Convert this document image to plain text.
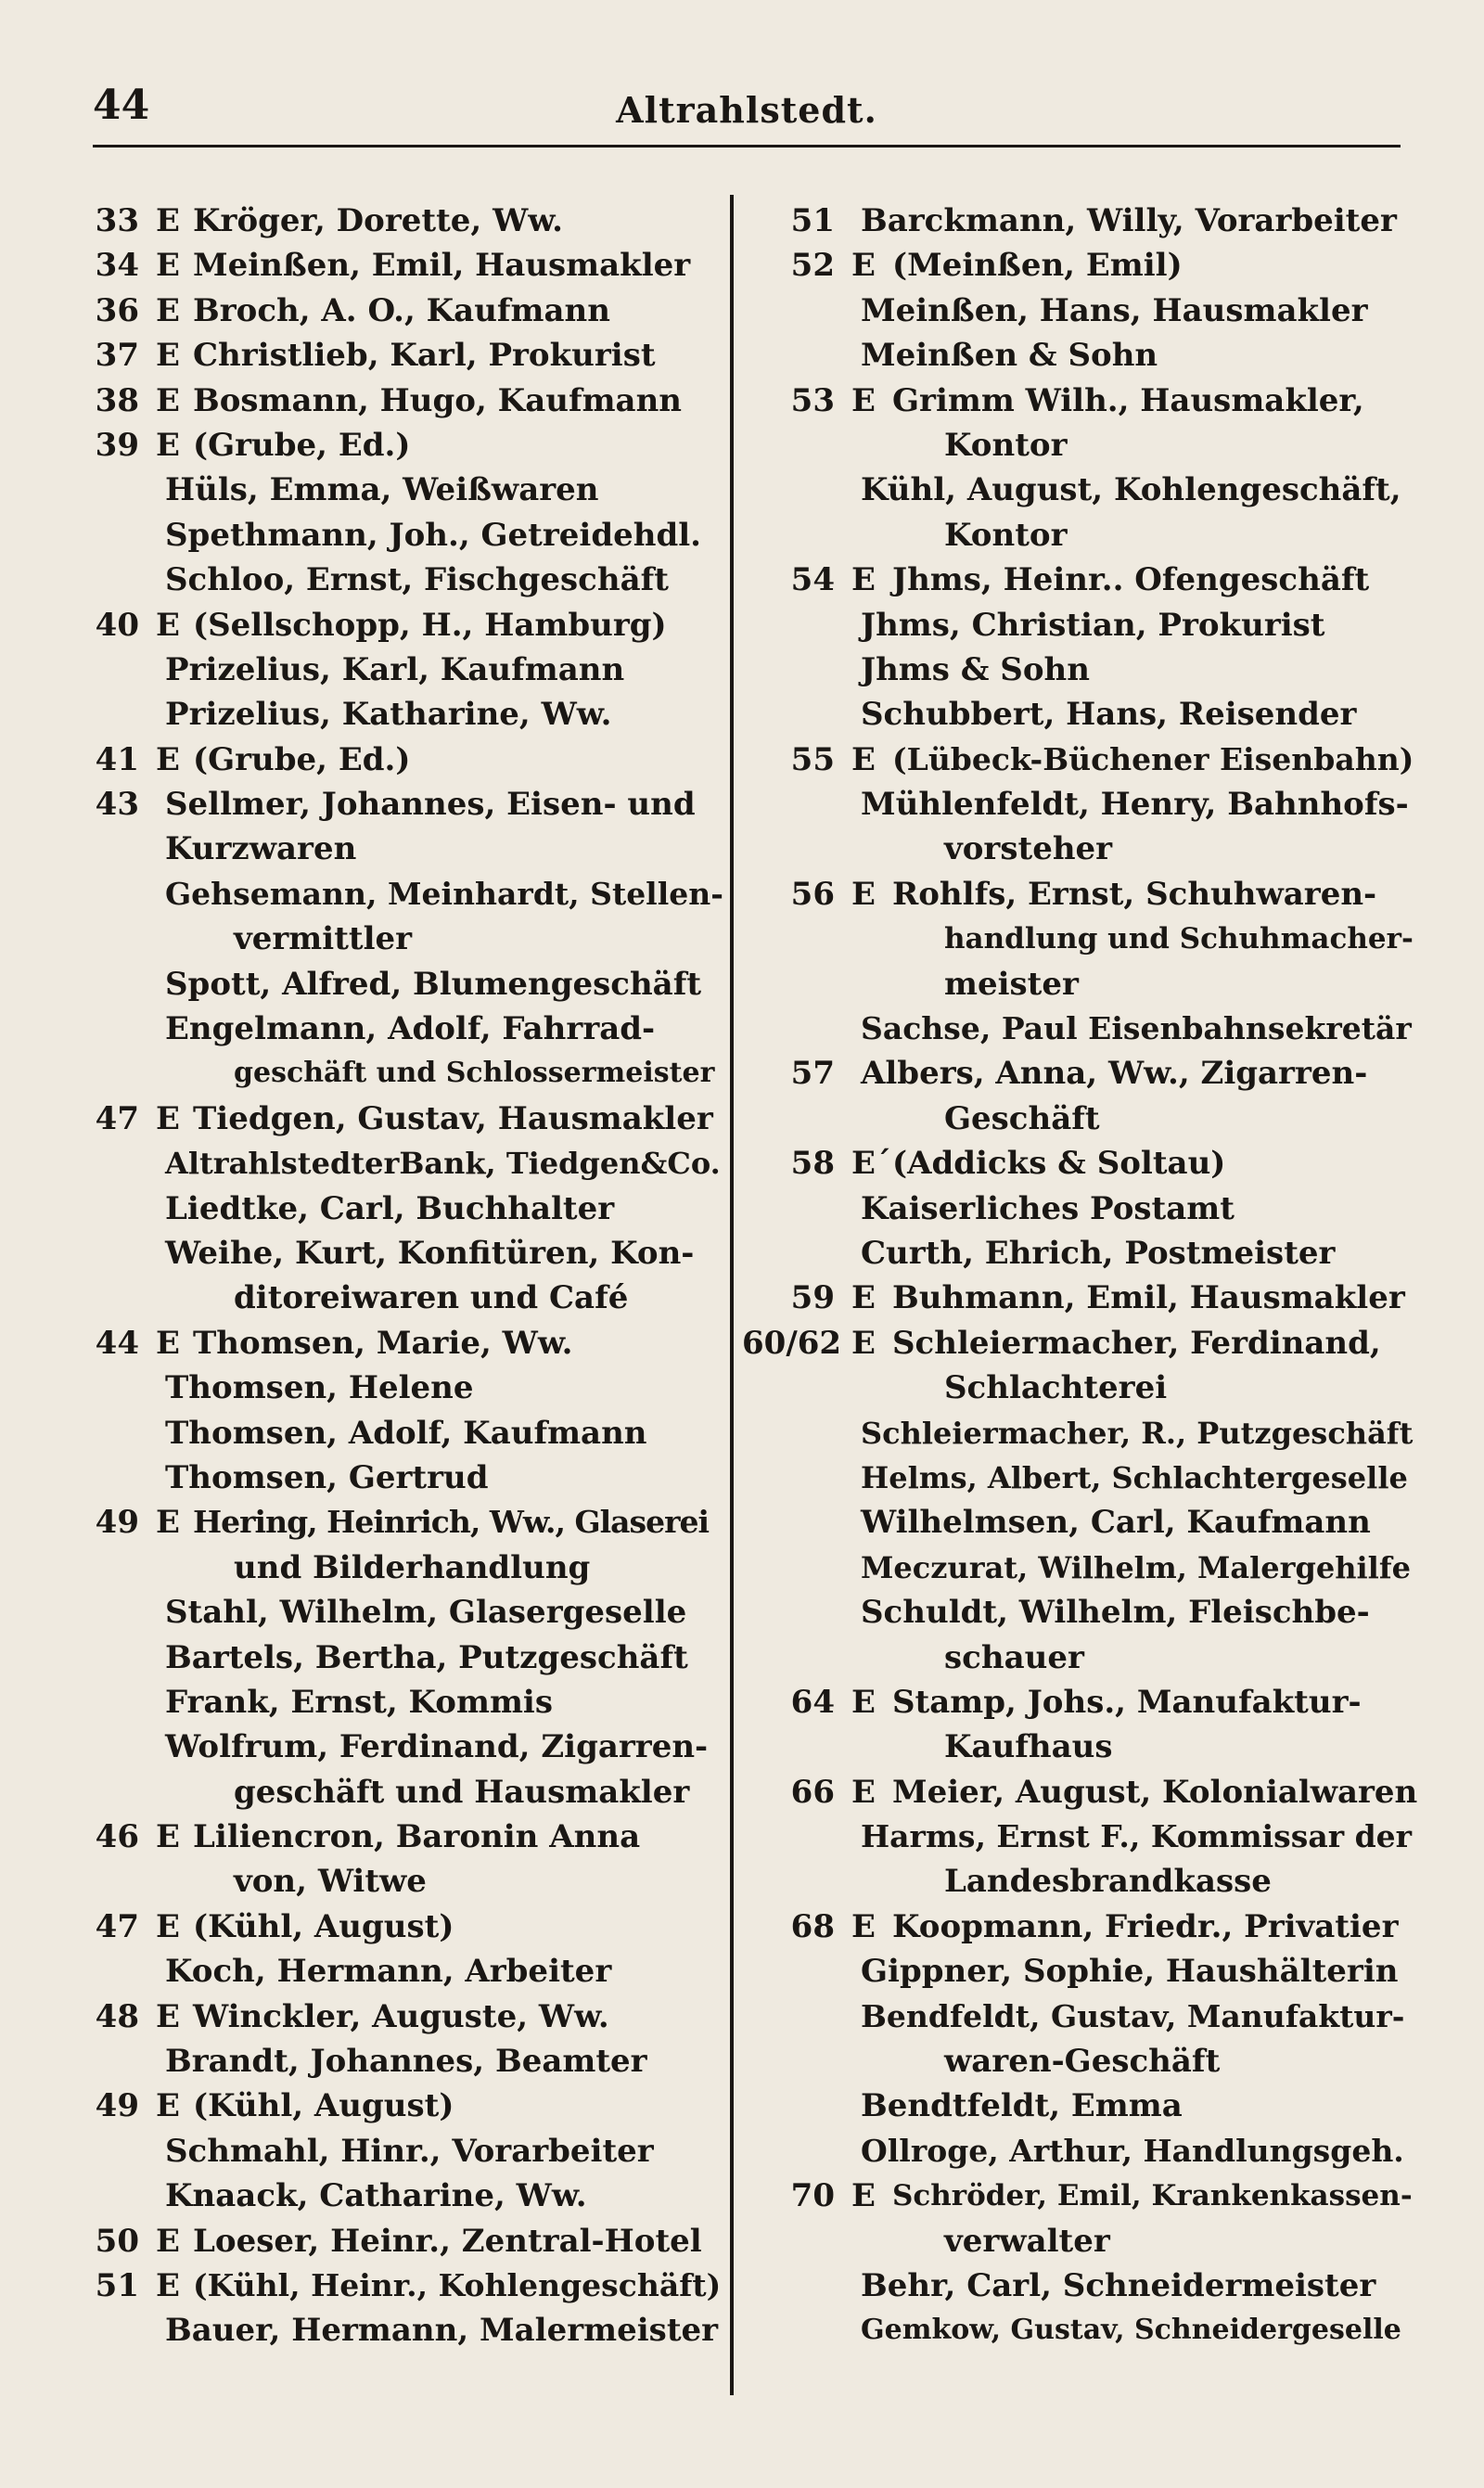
44	Altrahlstedt.
33 E Kröger, Dorette, Ww.
34 E Meinßen, Emil, Hausmakler
36 E Broch, A. O., Kaufmann
37 E Christlieb, Karl, Prokurist
38 E Bosmann, Hugo, Kaufmann
39 E (Grube, Ed.)
Hüls, Emma, Weißwaren
Spethmann, Joh., Getreidehdl.
Schloo, Ernst, Fischgeschäft
40 E (Sellschopp, H., Hamburg)
Prizelius, Karl, Kaufmann
Prizelius, Katharine, Ww.
41 E (Grube, Ed.)
43 Sellmer, Johannes, Eisen- und
Kurzwaren
Gehsemann, Meinhardt, Stellen-
vermittler
Spott, Alfred, Blumengeschäft
Engelmann, Adolf, Fahrrad-
geschäft und Schlossermeister
47 E Tiedgen, Gustav, Hausmakler
AltrahlstedterBank, Tiedgen&Co.
Liedtke, Carl, Buchhalter
Weihe, Kurt, Konfitüren, Kon-
ditoreiwaren und Café
44 E Thomsen, Marie, Ww.
Thomsen, Helene
Thomsen, Adolf, Kaufmann
Thomsen, Gertrud
49 E Hering, Heinrich, Ww., Glaserei
und Bilderhandlung
Stahl, Wilhelm, Glasergeselle
Bartels, Bertha, Putzgeschäft
Frank, Ernst, Kommis
Wolfrum, Ferdinand, Zigarren-
geschäft und Hausmakler
46 E Liliencron, Baronin Anna
von, Witwe
47 E (Kühl, August)
Koch, Hermann, Arbeiter
48 E Winckler, Auguste, Ww.
Brandt, Johannes, Beamter
49 E (Kühl, August)
Schmahl, Hinr., Vorarbeiter
Knaack, Catharine, Ww.
50 E Loeser, Heinr., Zentral-Hotel
51 E (Kühl, Heinr., Kohlengeschäft)
Bauer, Hermann, Malermeister
51 Barckmann, Willy, Vorarbeiter
52 E (Meinßen, Emil)
Meinßen, Hans, Hausmakler
Meinßen & Sohn
53 E Grimm Wilh., Hausmakler,
Kontor
Kühl, August, Kohlengeschäft,
Kontor
54 E Jhms, Heinr.. Ofengeschäft
Jhms, Christian, Prokurist
Jhms & Sohn
Schubbert, Hans, Reisender
55 E (Lübeck-Büchener Eisenbahn)
Mühlenfeldt, Henry, Bahnhofs-
vorsteher
56 E Rohlfs, Ernst, Schuhwaren-
handlung und Schuhmacher-
meister
Sachse, Paul Eisenbahnsekretär
57 Albers, Anna, Ww., Zigarren-
Geschäft
58 E´ (Addicks & Soltau)
Kaiserliches Postamt
Curth, Ehrich, Postmeister
59 E Buhmann, Emil, Hausmakler
60/62 E Schleiermacher, Ferdinand,
Schlachterei
Schleiermacher, R., Putzgeschäft
Helms, Albert, Schlachtergeselle
Wilhelmsen, Carl, Kaufmann
Meczurat, Wilhelm, Malergehilfe
Schuldt, Wilhelm, Fleischbe-
schauer
64 E Stamp, Johs., Manufaktur-
Kaufhaus
66 E Meier, August, Kolonialwaren
Harms, Ernst F., Kommissar der
Landesbrandkasse
68 E Koopmann, Friedr., Privatier
Gippner, Sophie, Haushälterin
Bendfeldt, Gustav, Manufaktur-
waren-Geschäft
Bendtfeldt, Emma
Ollroge, Arthur, Handlungsgeh.
70 E Schröder, Emil, Krankenkassen-
verwalter
Behr, Carl, Schneidermeister
Gemkow, Gustav, Schneidergeselle
